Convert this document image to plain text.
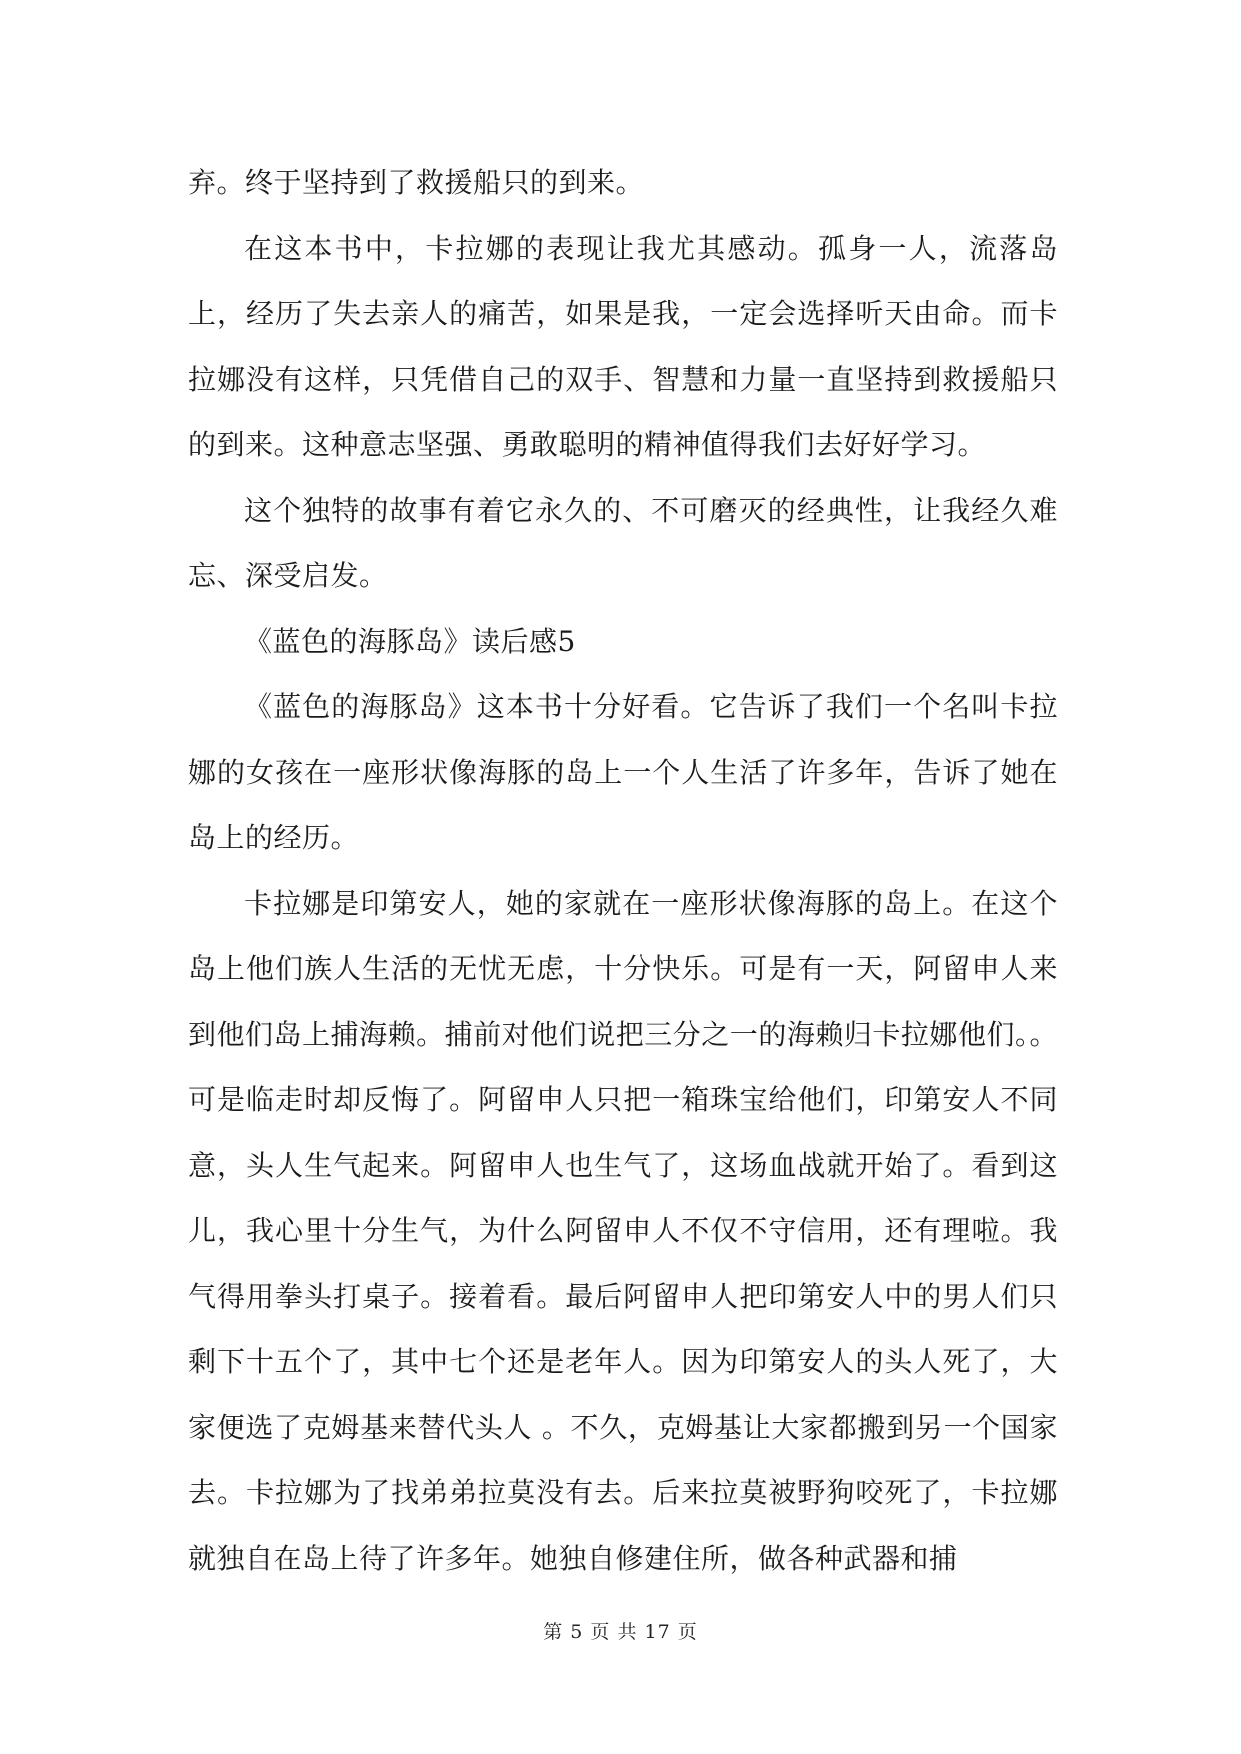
弃。终于坚持到了救援船只的到来。

在这本书中，卡拉娜的表现让我尤其感动。孤身一人，流落岛上，经历了失去亲人的痛苦，如果是我，一定会选择听天由命。而卡拉娜没有这样，只凭借自己的双手、智慧和力量一直坚持到救援船只的到来。这种意志坚强、勇敢聪明的精神值得我们去好好学习。

这个独特的故事有着它永久的、不可磨灭的经典性，让我经久难忘、深受启发。

《蓝色的海豚岛》读后感5

《蓝色的海豚岛》这本书十分好看。它告诉了我们一个名叫卡拉娜的女孩在一座形状像海豚的岛上一个人生活了许多年，告诉了她在岛上的经历。

卡拉娜是印第安人，她的家就在一座形状像海豚的岛上。在这个岛上他们族人生活的无忧无虑，十分快乐。可是有一天，阿留申人来到他们岛上捕海赖。捕前对他们说把三分之一的海赖归卡拉娜他们。。可是临走时却反悔了。阿留申人只把一箱珠宝给他们，印第安人不同意，头人生气起来。阿留申人也生气了，这场血战就开始了。看到这儿，我心里十分生气，为什么阿留申人不仅不守信用，还有理啦。我气得用拳头打桌子。接着看。最后阿留申人把印第安人中的男人们只剩下十五个了，其中七个还是老年人。因为印第安人的头人死了，大家便选了克姆基来替代头人 。不久，克姆基让大家都搬到另一个国家去。卡拉娜为了找弟弟拉莫没有去。后来拉莫被野狗咬死了，卡拉娜就独自在岛上待了许多年。她独自修建住所，做各种武器和捕

第 5 页 共 17 页
